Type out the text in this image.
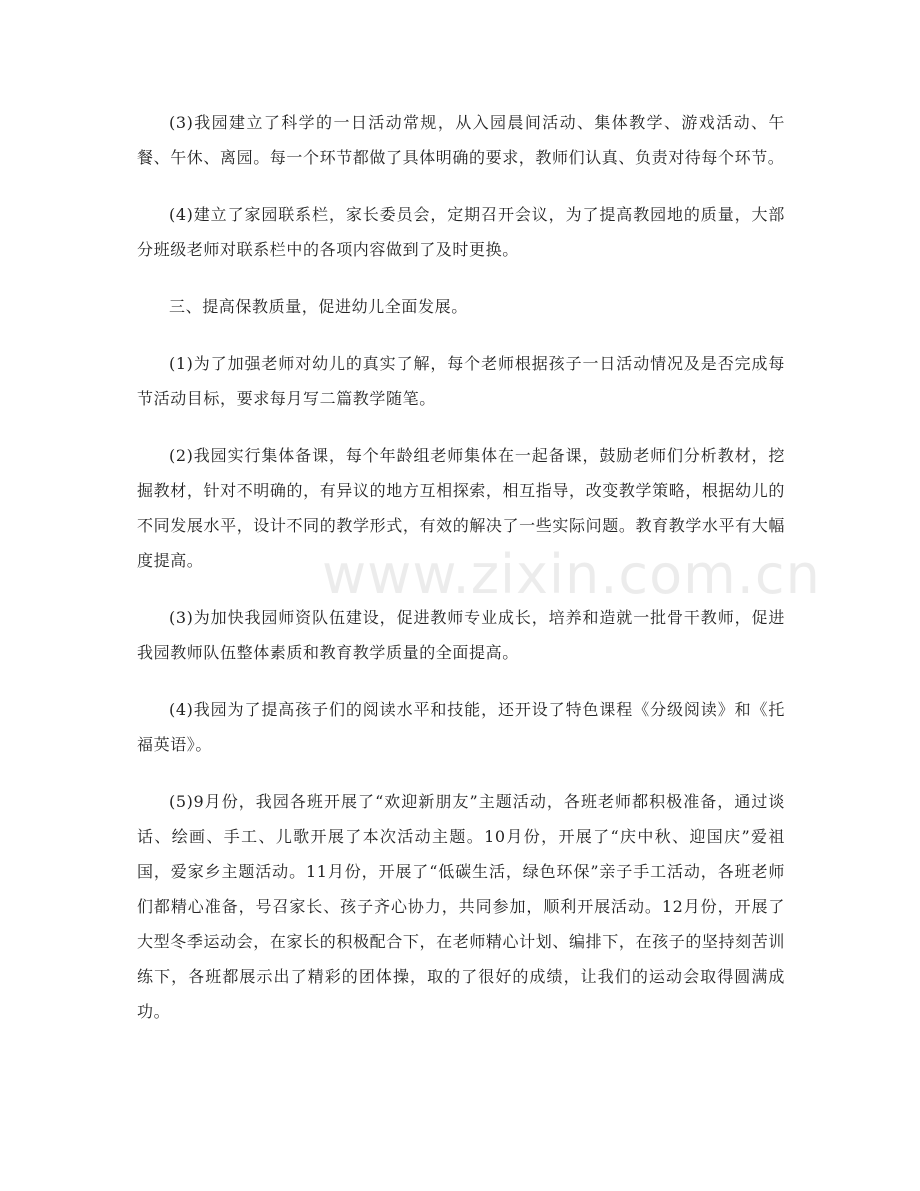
(3)我园建立了科学的一日活动常规，从入园晨间活动、集体教学、游戏活动、午餐、午休、离园。每一个环节都做了具体明确的要求，教师们认真、负责对待每个环节。

(4)建立了家园联系栏，家长委员会，定期召开会议，为了提高教园地的质量，大部分班级老师对联系栏中的各项内容做到了及时更换。

三、提高保教质量，促进幼儿全面发展。

(1)为了加强老师对幼儿的真实了解，每个老师根据孩子一日活动情况及是否完成每节活动目标，要求每月写二篇教学随笔。

(2)我园实行集体备课，每个年龄组老师集体在一起备课，鼓励老师们分析教材，挖掘教材，针对不明确的，有异议的地方互相探索，相互指导，改变教学策略，根据幼儿的不同发展水平，设计不同的教学形式，有效的解决了一些实际问题。教育教学水平有大幅度提高。

(3)为加快我园师资队伍建设，促进教师专业成长，培养和造就一批骨干教师，促进我园教师队伍整体素质和教育教学质量的全面提高。

(4)我园为了提高孩子们的阅读水平和技能，还开设了特色课程《分级阅读》和《托福英语》。

(5)9月份，我园各班开展了“欢迎新朋友”主题活动，各班老师都积极准备，通过谈话、绘画、手工、儿歌开展了本次活动主题。10月份，开展了“庆中秋、迎国庆”爱祖国，爱家乡主题活动。11月份，开展了“低碳生活，绿色环保”亲子手工活动，各班老师们都精心准备，号召家长、孩子齐心协力，共同参加，顺利开展活动。12月份，开展了大型冬季运动会，在家长的积极配合下，在老师精心计划、编排下，在孩子的坚持刻苦训练下，各班都展示出了精彩的团体操，取的了很好的成绩，让我们的运动会取得圆满成功。

www.zixin.com.cn
